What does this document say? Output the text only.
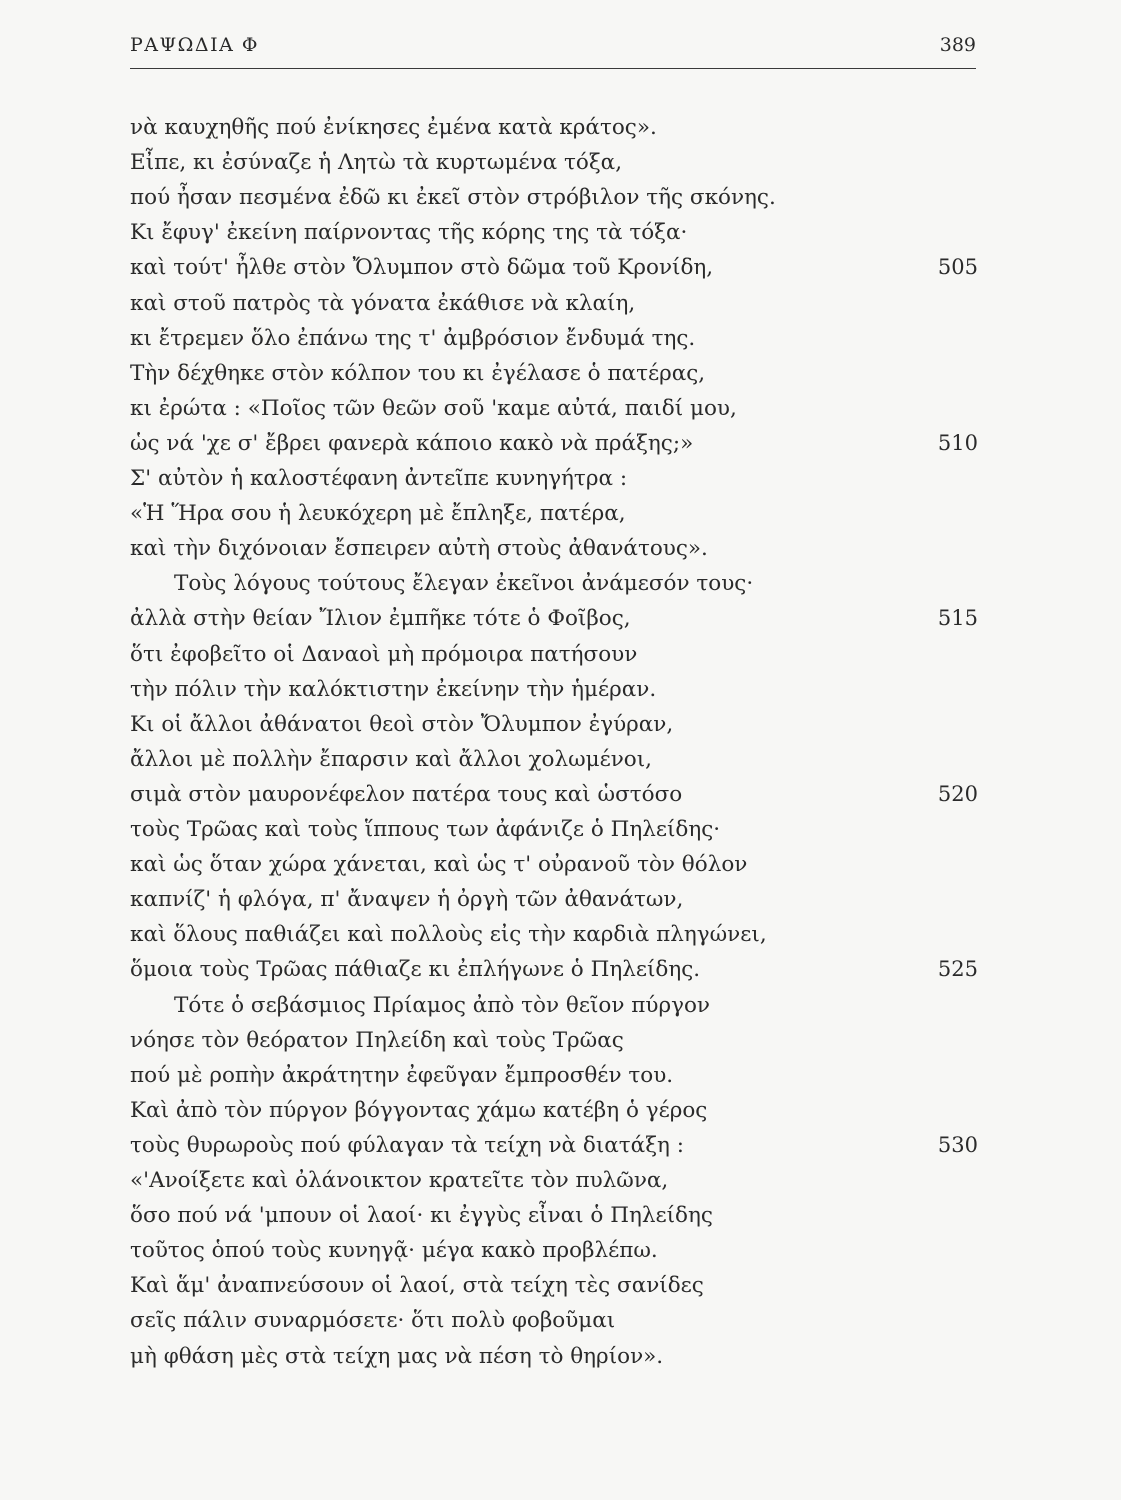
ΡΑΨΩΔΙΑ Φ	389
νὰ καυχηθῆς πού ἐνίκησες ἐμένα κατὰ κράτος».
Εἶπε, κι ἐσύναζε ἡ Λητὼ τὰ κυρτωμένα τόξα,
πού ἦσαν πεσμένα ἐδῶ κι ἐκεῖ στὸν στρόβιλον τῆς σκόνης.
Κι ἔφυγ' ἐκείνη παίρνοντας τῆς κόρης της τὰ τόξα·
καὶ τούτ' ἦλθε στὸν Ὄλυμπον στὸ δῶμα τοῦ Κρονίδη,	505
καὶ στοῦ πατρὸς τὰ γόνατα ἐκάθισε νὰ κλαίη,
κι ἔτρεμεν ὅλο ἐπάνω της τ' ἀμβρόσιον ἔνδυμά της.
Τὴν δέχθηκε στὸν κόλπον του κι ἐγέλασε ὁ πατέρας,
κι ἐρώτα : «Ποῖος τῶν θεῶν σοῦ 'καμε αὐτά, παιδί μου,
ὡς νά 'χε σ' ἔβρει φανερὰ κάποιο κακὸ νὰ πράξης;»	510
Σ' αὐτὸν ἡ καλοστέφανη ἀντεῖπε κυνηγήτρα :
«Ἡ Ἥρα σου ἡ λευκόχερη μὲ ἔπληξε, πατέρα,
καὶ τὴν διχόνοιαν ἔσπειρεν αὐτὴ στοὺς ἀθανάτους».
Τοὺς λόγους τούτους ἔλεγαν ἐκεῖνοι ἀνάμεσόν τους·
ἀλλὰ στὴν θείαν Ἴλιον ἐμπῆκε τότε ὁ Φοῖβος,	515
ὅτι ἐφοβεῖτο οἱ Δαναοὶ μὴ πρόμοιρα πατήσουν
τὴν πόλιν τὴν καλόκτιστην ἐκείνην τὴν ἡμέραν.
Κι οἱ ἄλλοι ἀθάνατοι θεοὶ στὸν Ὄλυμπον ἐγύραν,
ἄλλοι μὲ πολλὴν ἔπαρσιν καὶ ἄλλοι χολωμένοι,
σιμὰ στὸν μαυρονέφελον πατέρα τους καὶ ὡστόσο	520
τοὺς Τρῶας καὶ τοὺς ἵππους των ἀφάνιζε ὁ Πηλείδης·
καὶ ὡς ὅταν χώρα χάνεται, καὶ ὡς τ' οὐρανοῦ τὸν θόλον
καπνίζ' ἡ φλόγα, π' ἄναψεν ἡ ὀργὴ τῶν ἀθανάτων,
καὶ ὅλους παθιάζει καὶ πολλοὺς εἰς τὴν καρδιὰ πληγώνει,
ὅμοια τοὺς Τρῶας πάθιαζε κι ἐπλήγωνε ὁ Πηλείδης.	525
Τότε ὁ σεβάσμιος Πρίαμος ἀπὸ τὸν θεῖον πύργον
νόησε τὸν θεόρατον Πηλείδη καὶ τοὺς Τρῶας
πού μὲ ροπὴν ἀκράτητην ἐφεῦγαν ἔμπροσθέν του.
Καὶ ἀπὸ τὸν πύργον βόγγοντας χάμω κατέβη ὁ γέρος
τοὺς θυρωροὺς πού φύλαγαν τὰ τείχη νὰ διατάξη :	530
«'Ανοίξετε καὶ ὀλάνοικτον κρατεῖτε τὸν πυλῶνα,
ὅσο πού νά 'μπουν οἱ λαοί· κι ἐγγὺς εἶναι ὁ Πηλείδης
τοῦτος ὁπού τοὺς κυνηγᾷ· μέγα κακὸ προβλέπω.
Καὶ ἅμ' ἀναπνεύσουν οἱ λαοί, στὰ τείχη τὲς σανίδες
σεῖς πάλιν συναρμόσετε· ὅτι πολὺ φοβοῦμαι
μὴ φθάση μὲς στὰ τείχη μας νὰ πέση τὸ θηρίον».
